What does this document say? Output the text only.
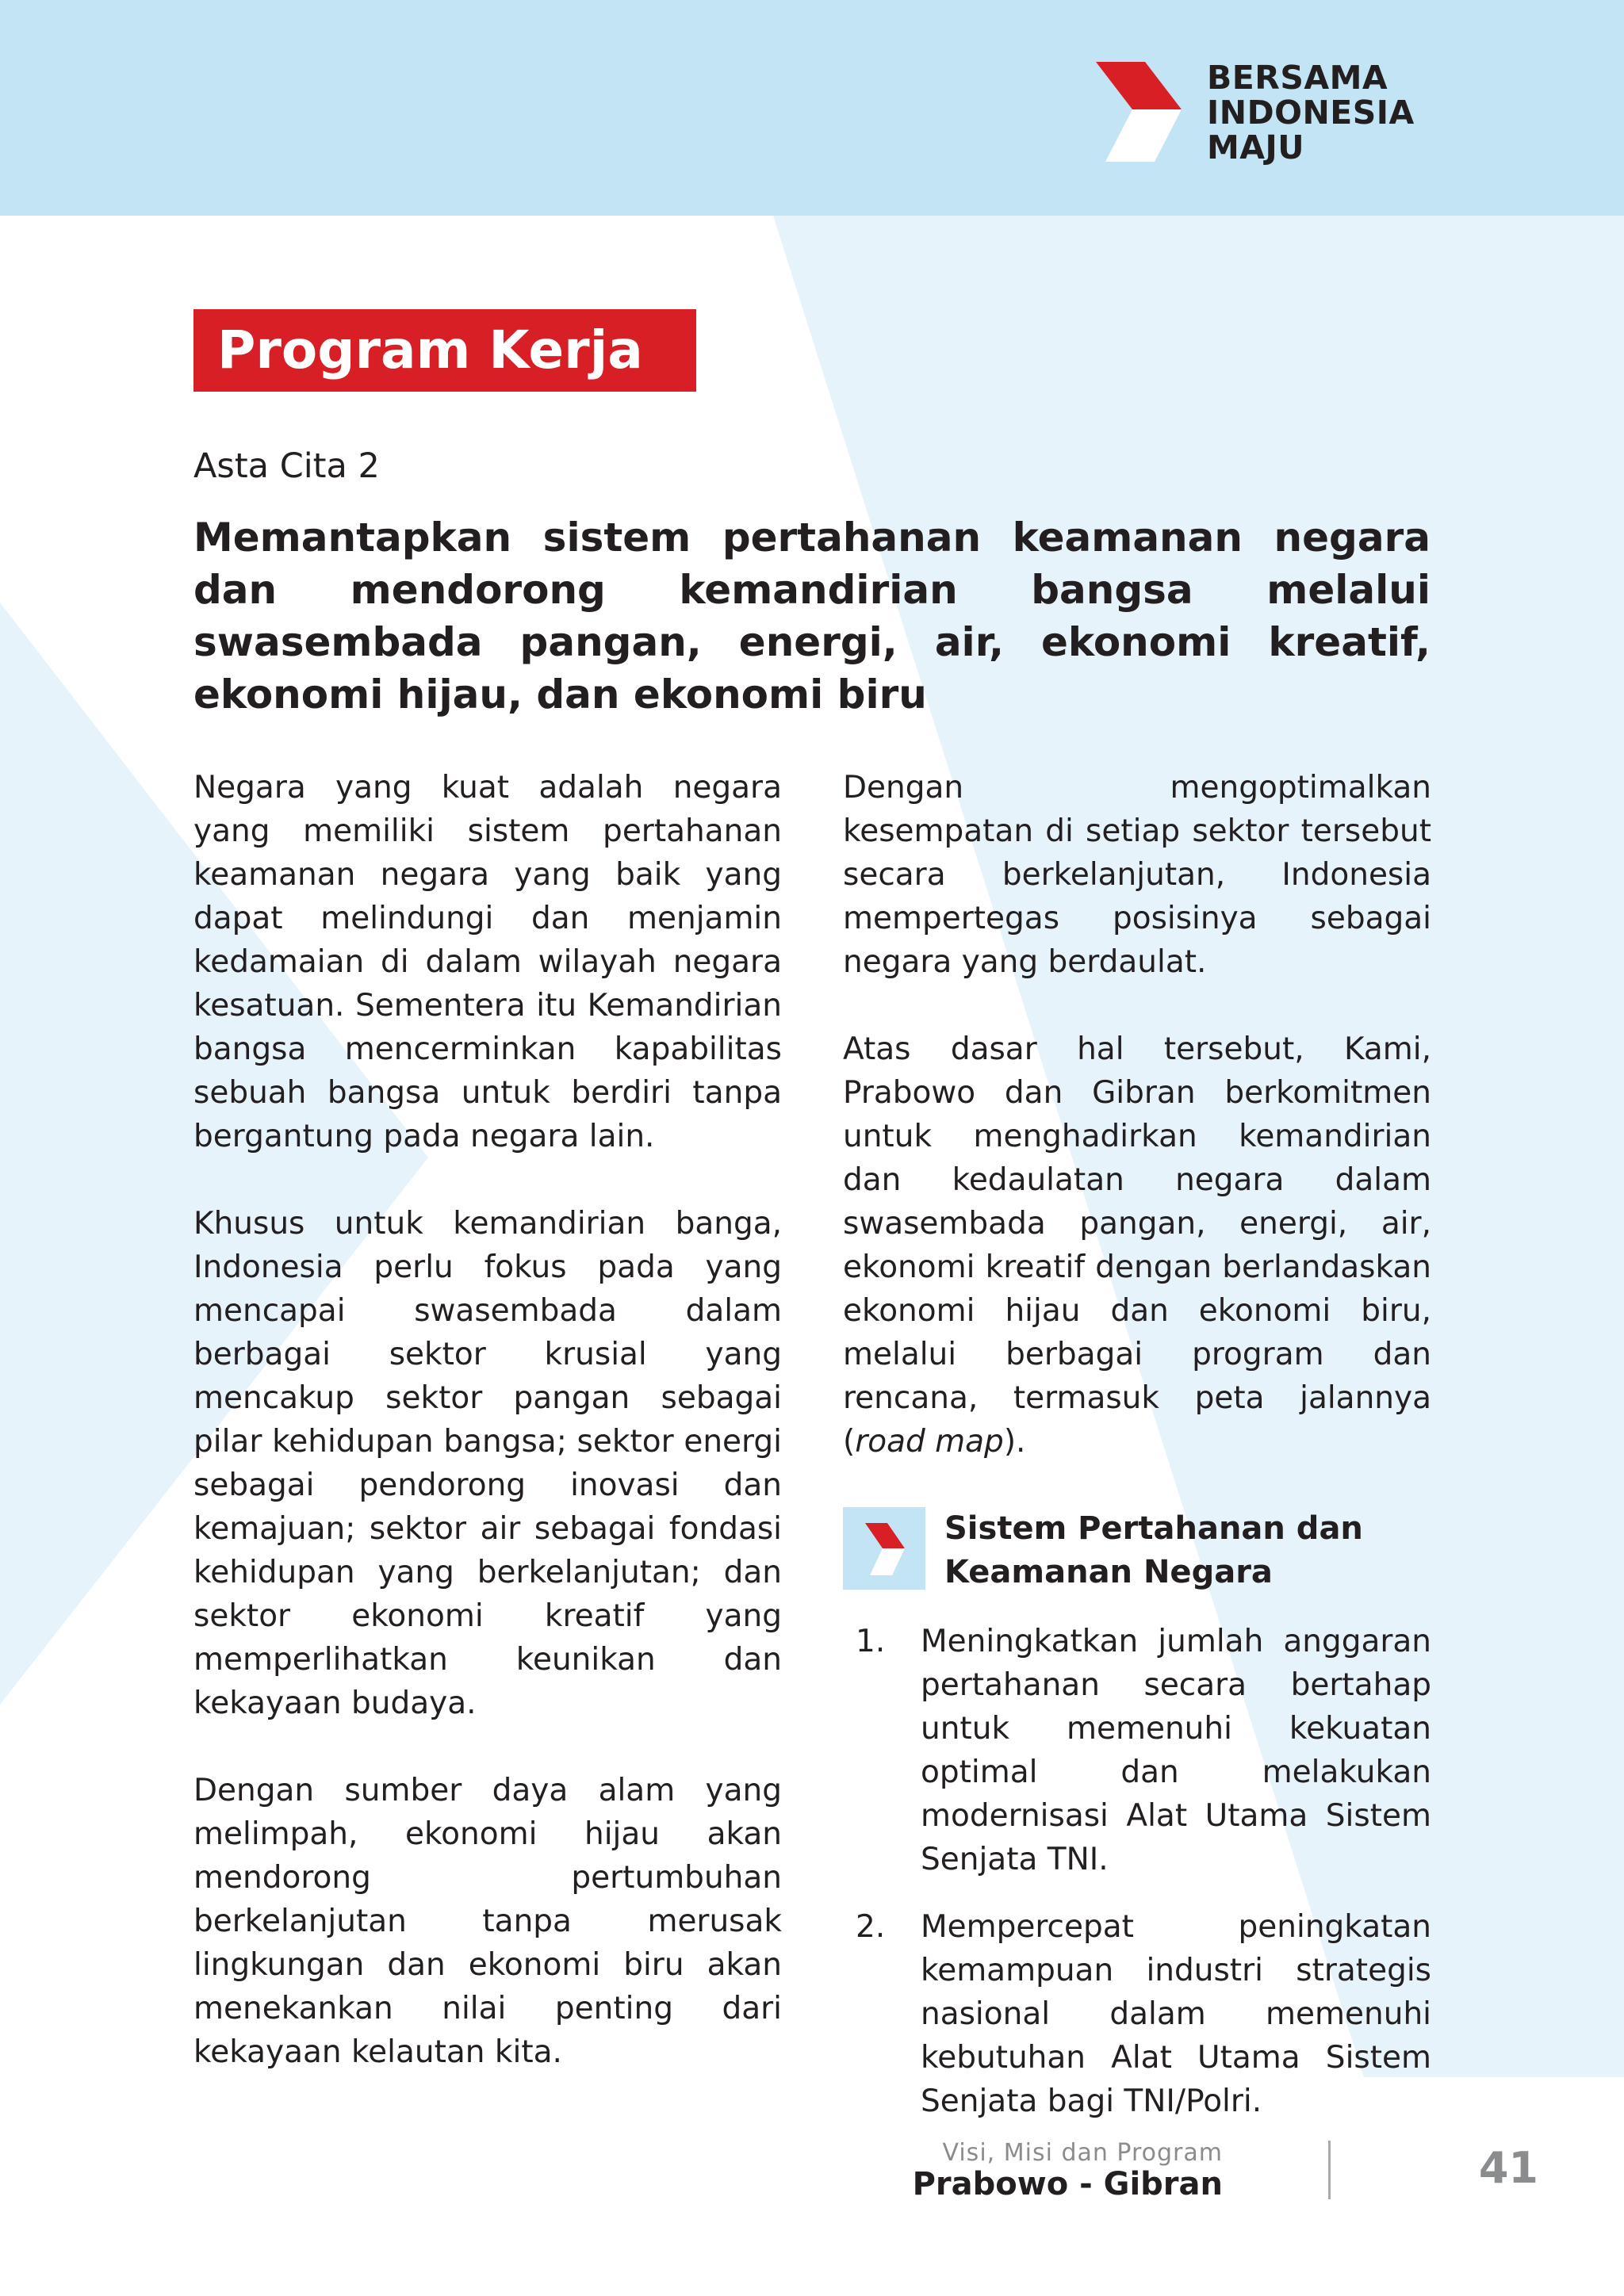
BERSAMA
INDONESIA
MAJU
Program Kerja
Asta Cita 2
Memantapkan sistem pertahanan keamanan negara dan mendorong kemandirian bangsa melalui swasembada pangan, energi, air, ekonomi kreatif, ekonomi hijau, dan ekonomi biru

Negara yang kuat adalah negara yang memiliki sistem pertahanan keamanan negara yang baik yang dapat melindungi dan menjamin kedamaian di dalam wilayah negara kesatuan. Sementera itu Kemandirian bangsa mencerminkan kapabilitas sebuah bangsa untuk berdiri tanpa bergantung pada negara lain.

Khusus untuk kemandirian banga, Indonesia perlu fokus pada yang mencapai swasembada dalam berbagai sektor krusial yang mencakup sektor pangan sebagai pilar kehidupan bangsa; sektor energi sebagai pendorong inovasi dan kemajuan; sektor air sebagai fondasi kehidupan yang berkelanjutan; dan sektor ekonomi kreatif yang memperlihatkan keunikan dan kekayaan budaya.

Dengan sumber daya alam yang melimpah, ekonomi hijau akan mendorong pertumbuhan berkelanjutan tanpa merusak lingkungan dan ekonomi biru akan menekankan nilai penting dari kekayaan kelautan kita.

Dengan mengoptimalkan kesempatan di setiap sektor tersebut secara berkelanjutan, Indonesia mempertegas posisinya sebagai negara yang berdaulat.

Atas dasar hal tersebut, Kami, Prabowo dan Gibran berkomitmen untuk menghadirkan kemandirian dan kedaulatan negara dalam swasembada pangan, energi, air, ekonomi kreatif dengan berlandaskan ekonomi hijau dan ekonomi biru, melalui berbagai program dan rencana, termasuk peta jalannya (road map).

Sistem Pertahanan dan
Keamanan Negara
1. Meningkatkan jumlah anggaran pertahanan secara bertahap untuk memenuhi kekuatan optimal dan melakukan modernisasi Alat Utama Sistem Senjata TNI.
2. Mempercepat peningkatan kemampuan industri strategis nasional dalam memenuhi kebutuhan Alat Utama Sistem Senjata bagi TNI/Polri.
Visi, Misi dan Program
Prabowo - Gibran	41
